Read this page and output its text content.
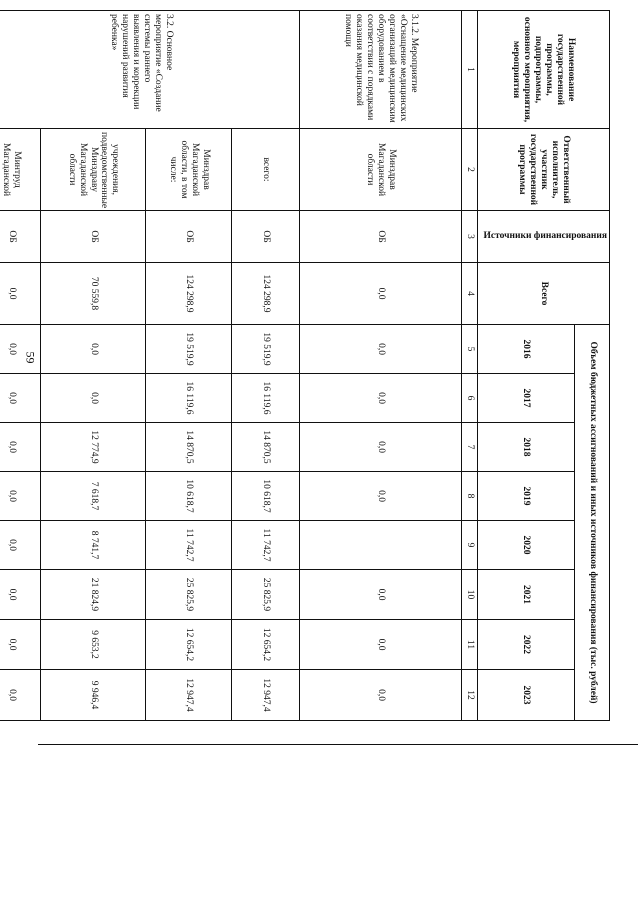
59
Наименование государственной программы, подпрограммы, основного мероприятия, мероприятия	Ответственный исполнитель, участник государственной программы	Источники финансирования	Всего	Объем бюджетных ассигнований и иных источников финансирования (тыс. рублей)							
				2016	2017	2018	2019	2020	2021	2022	2023
1	2	3	4	5	6	7	8	9	10	11	12
3.1.2. Мероприятие «Оснащение медицинских организаций медицинским оборудованием в соответствии с порядками оказания медицинской помощи	Минздрав Магаданской области	ОБ	0,0	0,0	0,0	0,0	0,0		0,0	0,0	0,0
3.2. Основное мероприятие «Создание системы раннего выявления и коррекции нарушений развития ребенка»	всего:	ОБ	124 298,9	19 519,9	16 119,6	14 870,5	10 618,7	11 742,7	25 825,9	12 654,2	12 947,4
	Минздрав Магаданской области, в том числе:	ОБ	124 298,9	19 519,9	16 119,6	14 870,5	10 618,7	11 742,7	25 825,9	12 654,2	12 947,4
	учреждения, подведомственные Минздраву Магаданской области	ОБ	70 559,8	0,0	0,0	12 774,9	7 618,7	8 741,7	21 824,9	9 653,2	9 946,4
	Минтруд Магаданской	ОБ	0,0	0,0	0,0	0,0	0,0	0,0	0,0	0,0	0,0
